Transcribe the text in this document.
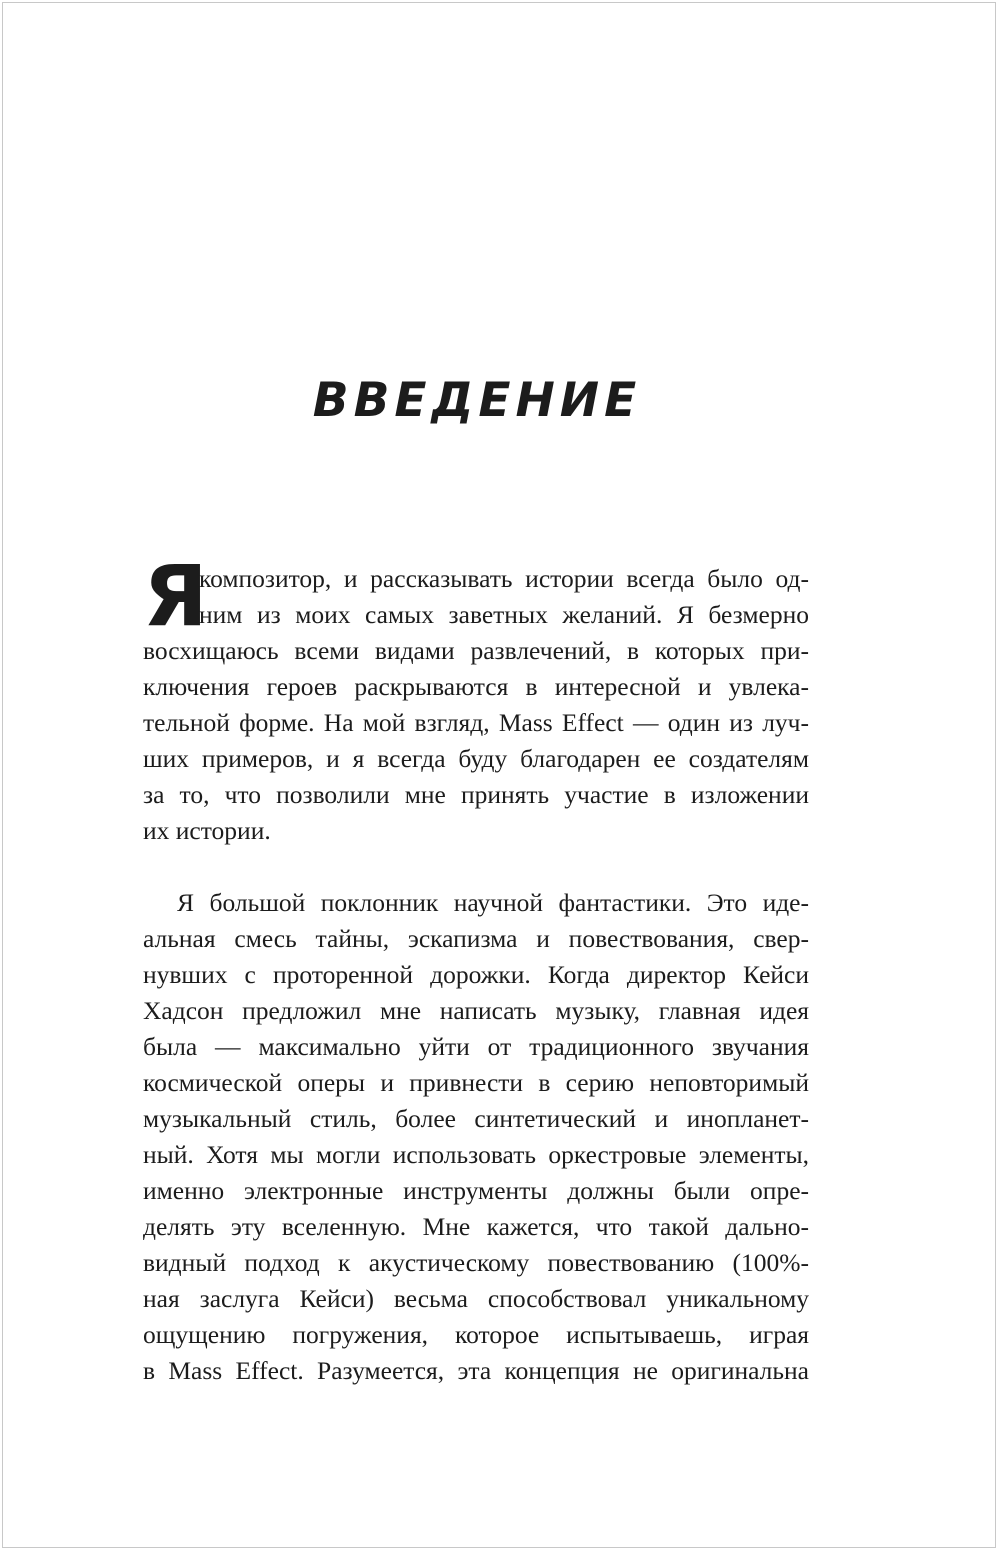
ВВЕДЕНИЕ
Я
композитор, и рассказывать истории всегда было од-
ним из моих самых заветных желаний. Я безмерно
восхищаюсь всеми видами развлечений, в которых при-
ключения героев раскрываются в интересной и увлека-
тельной форме. На мой взгляд, Mass Effect — один из луч-
ших примеров, и я всегда буду благодарен ее создателям
за то, что позволили мне принять участие в изложении
их истории.
Я большой поклонник научной фантастики. Это иде-
альная смесь тайны, эскапизма и повествования, свер-
нувших с проторенной дорожки. Когда директор Кейси
Хадсон предложил мне написать музыку, главная идея
была — максимально уйти от традиционного звучания
космической оперы и привнести в серию неповторимый
музыкальный стиль, более синтетический и инопланет-
ный. Хотя мы могли использовать оркестровые элементы,
именно электронные инструменты должны были опре-
делять эту вселенную. Мне кажется, что такой дально-
видный подход к акустическому повествованию (100%-
ная заслуга Кейси) весьма способствовал уникальному
ощущению погружения, которое испытываешь, играя
в Mass Effect. Разумеется, эта концепция не оригинальна
